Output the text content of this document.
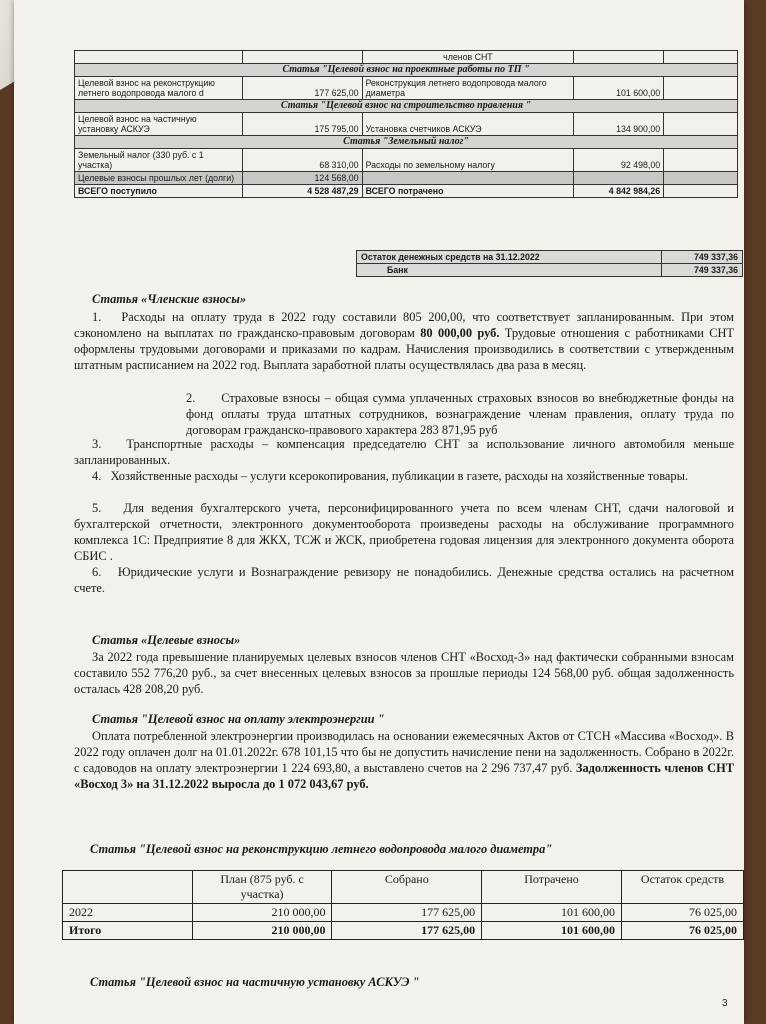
		членов СНТ		
Статья "Целевой взнос на проектные работы по ТП "				
Целевой взнос на реконструкцию летнего водопровода малого d	177 625,00	Реконструкция летнего водопровода малого диаметра	101 600,00	
Статья "Целевой взнос на строительство правления "				
Целевой взнос на частичную установку АСКУЭ	175 795,00	Установка счетчиков АСКУЭ	134 900,00	
Статья "Земельный налог"				
Земельный налог (330 руб. с 1 участка)	68 310,00	Расходы по земельному налогу	92 498,00	
Целевые взносы прошлых лет (долги)	124 568,00			
ВСЕГО поступило	4 528 487,29	ВСЕГО потрачено	4 842 984,26	
Остаток денежных средств на 31.12.2022	749 337,36
Банк	749 337,36
Статья «Членские взносы»
1.   Расходы на оплату труда в 2022 году составили 805 200,00, что соответствует запланированным. При этом сэкономлено на выплатах по гражданско-правовым договорам 80 000,00 руб. Трудовые отношения с работниками СНТ оформлены трудовыми договорами и приказами по кадрам. Начисления производились в соответствии с утвержденным штатным расписанием на 2022 год. Выплата заработной платы осуществлялась два раза в месяц.
2.      Страховые взносы – общая сумма уплаченных страховых взносов во внебюджетные фонды на фонд оплаты труда штатных сотрудников, вознаграждение членам правления, оплату труда по договорам гражданско-правового характера 283 871,95 руб
3.   Транспортные расходы – компенсация председателю СНТ за использование личного автомобиля меньше запланированных.
4.   Хозяйственные расходы – услуги ксерокопирования, публикации в газете, расходы на хозяйственные товары.
5.   Для ведения бухгалтерского учета, персонифицированного учета по всем членам СНТ, сдачи налоговой и бухгалтерской отчетности, электронного документооборота произведены расходы на обслуживание программного комплекса 1С: Предприятие 8 для ЖКХ, ТСЖ и ЖСК, приобретена годовая лицензия для электронного документа оборота СБИС .
6.   Юридические услуги и Вознаграждение ревизору не понадобились. Денежные средства остались на расчетном счете.
Статья «Целевые взносы»
За 2022 года превышение планируемых целевых взносов членов СНТ «Восход-3» над фактически собранными взносам составило 552 776,20 руб., за счет внесенных целевых взносов за прошлые периоды 124 568,00 руб. общая задолженность осталась 428 208,20 руб.
Статья "Целевой взнос на оплату электроэнергии "
Оплата потребленной электроэнергии производилась на основании ежемесячных Актов от СТСН «Массива «Восход». В 2022 году оплачен долг на 01.01.2022г. 678 101,15 что бы не допустить начисление пени на задолженность. Собрано в 2022г. с садоводов на оплату электроэнергии 1 224 693,80, а выставлено счетов на 2 296 737,47 руб. Задолженность членов СНТ «Восход 3» на 31.12.2022 выросла до 1 072 043,67 руб.
Статья "Целевой взнос на реконструкцию летнего водопровода малого диаметра"
	План (875 руб. с участка)	Собрано	Потрачено	Остаток средств
2022	210 000,00	177 625,00	101 600,00	76 025,00
Итого	210 000,00	177 625,00	101 600,00	76 025,00
Статья "Целевой взнос на частичную установку АСКУЭ "
3
